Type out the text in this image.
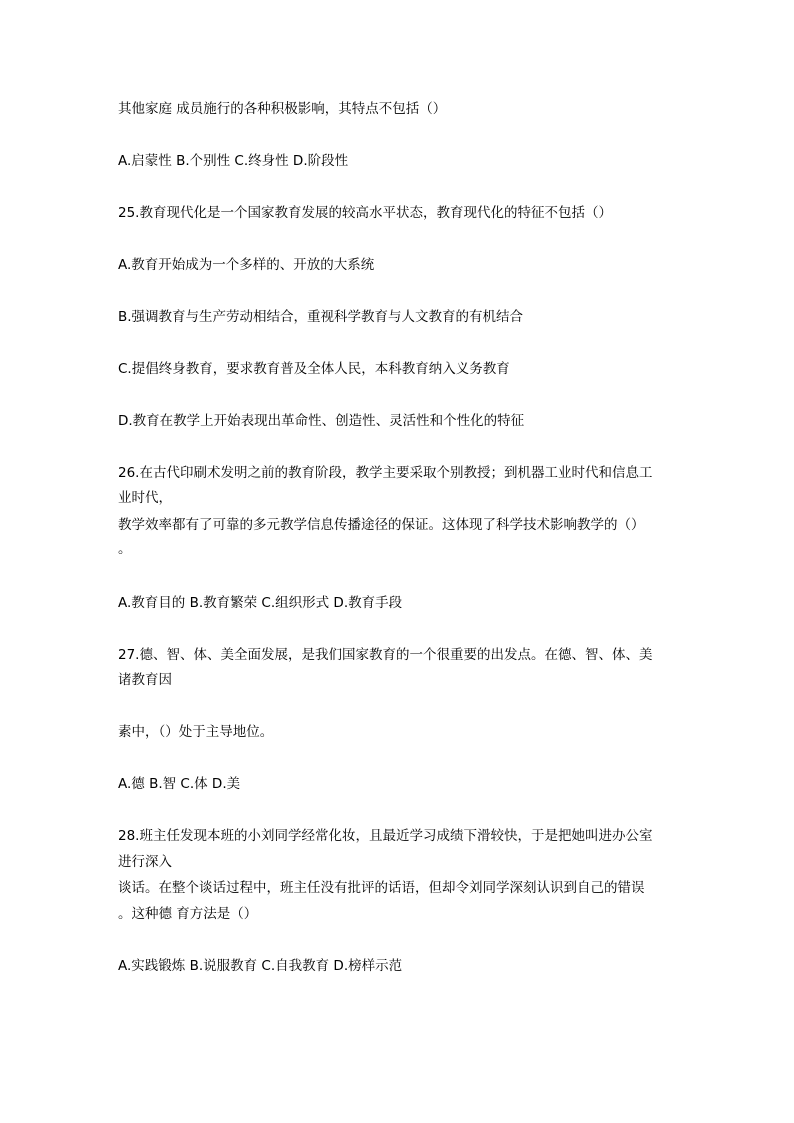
其他家庭 成员施行的各种积极影响，其特点不包括（）
A.启蒙性 B.个别性 C.终身性 D.阶段性
25.教育现代化是一个国家教育发展的较高水平状态，教育现代化的特征不包括（）
A.教育开始成为一个多样的、开放的大系统
B.强调教育与生产劳动相结合，重视科学教育与人文教育的有机结合
C.提倡终身教育，要求教育普及全体人民，本科教育纳入义务教育
D.教育在教学上开始表现出革命性、创造性、灵活性和个性化的特征
26.在古代印刷术发明之前的教育阶段，教学主要采取个别教授；到机器工业时代和信息工
业时代，
教学效率都有了可靠的多元教学信息传播途径的保证。这体现了科学技术影响教学的（）
。
A.教育目的 B.教育繁荣 C.组织形式 D.教育手段
27.德、智、体、美全面发展，是我们国家教育的一个很重要的出发点。在德、智、体、美
诸教育因
素中，（）处于主导地位。
A.德 B.智 C.体 D.美
28.班主任发现本班的小刘同学经常化妆，且最近学习成绩下滑较快，于是把她叫进办公室
进行深入
谈话。在整个谈话过程中，班主任没有批评的话语，但却令刘同学深刻认识到自己的错误
。这种德 育方法是（）
A.实践锻炼 B.说服教育 C.自我教育 D.榜样示范
